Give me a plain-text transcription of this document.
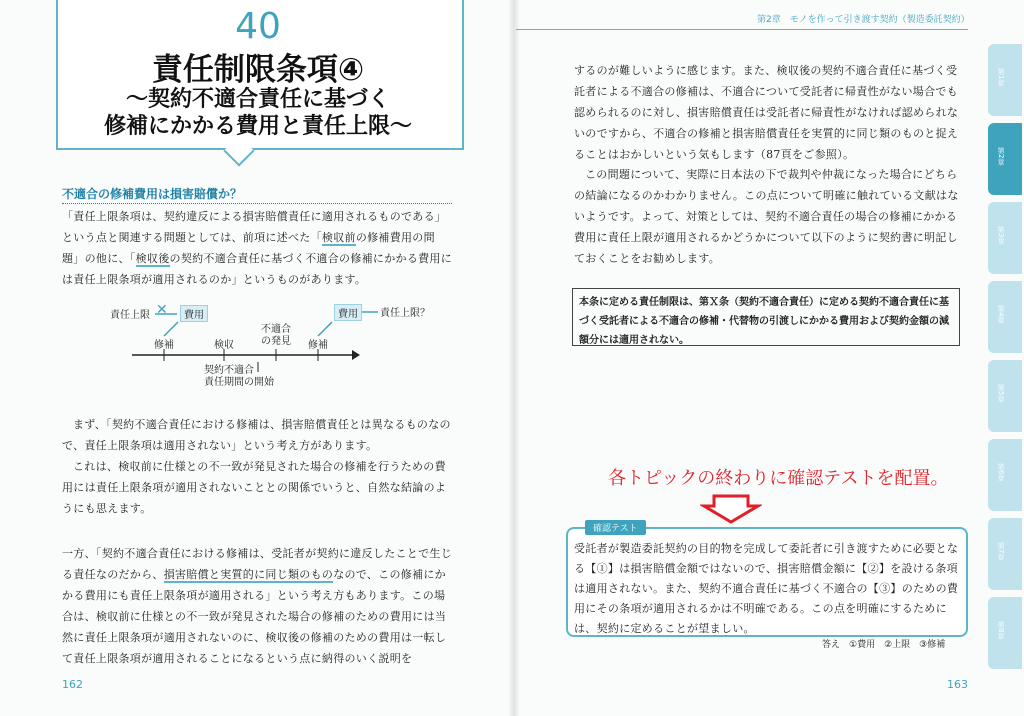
40
責任制限条項④
～契約不適合責任に基づく
修補にかかる費用と責任上限～
不適合の修補費用は損害賠償か？
「責任上限条項は、契約違反による損害賠償責任に適用されるものである」という点と関連する問題としては、前項に述べた「検収前の修補費用の問題」の他に、「検収後の契約不適合責任に基づく不適合の修補にかかる費用には責任上限条項が適用されるのか」というものがあります。
責任上限 ✕	費用	費用	責任上限？
修補	検収
不適合
の発見 修補
契約不適合
責任期間の開始
まず、「契約不適合責任における修補は、損害賠償責任とは異なるものなので、責任上限条項は適用されない」という考え方があります。
これは、検収前に仕様との不一致が発見された場合の修補を行うための費用には責任上限条項が適用されないこととの関係でいうと、自然な結論のようにも思えます。
一方、「契約不適合責任における修補は、受託者が契約に違反したことで生じる責任なのだから、損害賠償と実質的に同じ類のものなので、この修補にかかる費用にも責任上限条項が適用される」という考え方もあります。この場合は、検収前に仕様との不一致が発見された場合の修補のための費用には当然に責任上限条項が適用されないのに、検収後の修補のための費用は一転して責任上限条項が適用されることになるという点に納得のいく説明を
162
第2章　モノを作って引き渡す契約（製造委託契約）
するのが難しいように感じます。また、検収後の契約不適合責任に基づく受託者による不適合の修補は、不適合について受託者に帰責性がない場合でも認められるのに対し、損害賠償責任は受託者に帰責性がなければ認められないのですから、不適合の修補と損害賠償責任を実質的に同じ類のものと捉えることはおかしいという気もします（87頁をご参照）。
この問題について、実際に日本法の下で裁判や仲裁になった場合にどちらの結論になるのかわかりません。この点について明確に触れている文献はないようです。よって、対策としては、契約不適合責任の場合の修補にかかる費用に責任上限が適用されるかどうかについて以下のように契約書に明記しておくことをお勧めします。
本条に定める責任制限は、第Ｘ条（契約不適合責任）に定める契約不適合責任に基づく受託者による不適合の修補・代替物の引渡しにかかる費用および契約金額の減額分には適用されない。
各トピックの終わりに確認テストを配置。
確認テスト
受託者が製造委託契約の目的物を完成して委託者に引き渡すために必要となる【①】は損害賠償金額ではないので、損害賠償金額に【②】を設ける条項は適用されない。また、契約不適合責任に基づく不適合の【③】のための費用にその条項が適用されるかは不明確である。この点を明確にするためには、契約に定めることが望ましい。
答え　①費用　②上限　③修補
163
第1章
第2章
第3章
第4章
第5章
第6章
第7章
第8章
